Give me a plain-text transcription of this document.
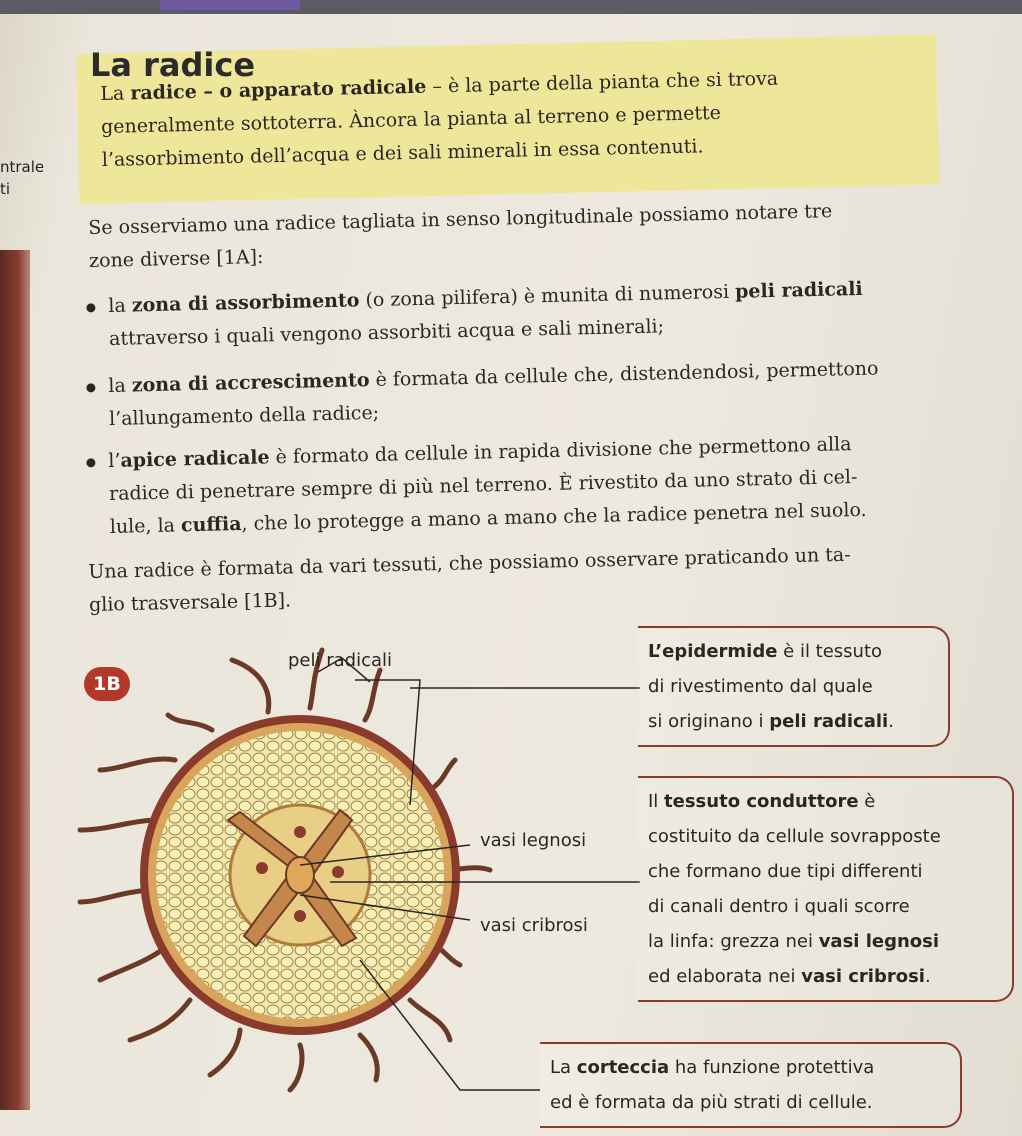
La radice
La radice – o apparato radicale – è la parte della pianta che si trova
generalmente sottoterra. Àncora la pianta al terreno e permette
l’assorbimento dell’acqua e dei sali minerali in essa contenuti.
ntrale
ti
Se osserviamo una radice tagliata in senso longitudinale possiamo notare tre
zone diverse [1A]:
la zona di assorbimento (o zona pilifera) è munita di numerosi peli radicali
attraverso i quali vengono assorbiti acqua e sali minerali;
la zona di accrescimento è formata da cellule che, distendendosi, permettono
l’allungamento della radice;
l’apice radicale è formato da cellule in rapida divisione che permettono alla
radice di penetrare sempre di più nel terreno. È rivestito da uno strato di cel-
lule, la cuffia, che lo protegge a mano a mano che la radice penetra nel suolo.
Una radice è formata da vari tessuti, che possiamo osservare praticando un ta-
glio trasversale [1B].
1B
peli radicali
vasi legnosi
vasi cribrosi
L’epidermide è il tessuto
di rivestimento dal quale
si originano i peli radicali.
Il tessuto conduttore è
costituito da cellule sovrapposte
che formano due tipi differenti
di canali dentro i quali scorre
la linfa: grezza nei vasi legnosi
ed elaborata nei vasi cribrosi.
La corteccia ha funzione protettiva
ed è formata da più strati di cellule.
